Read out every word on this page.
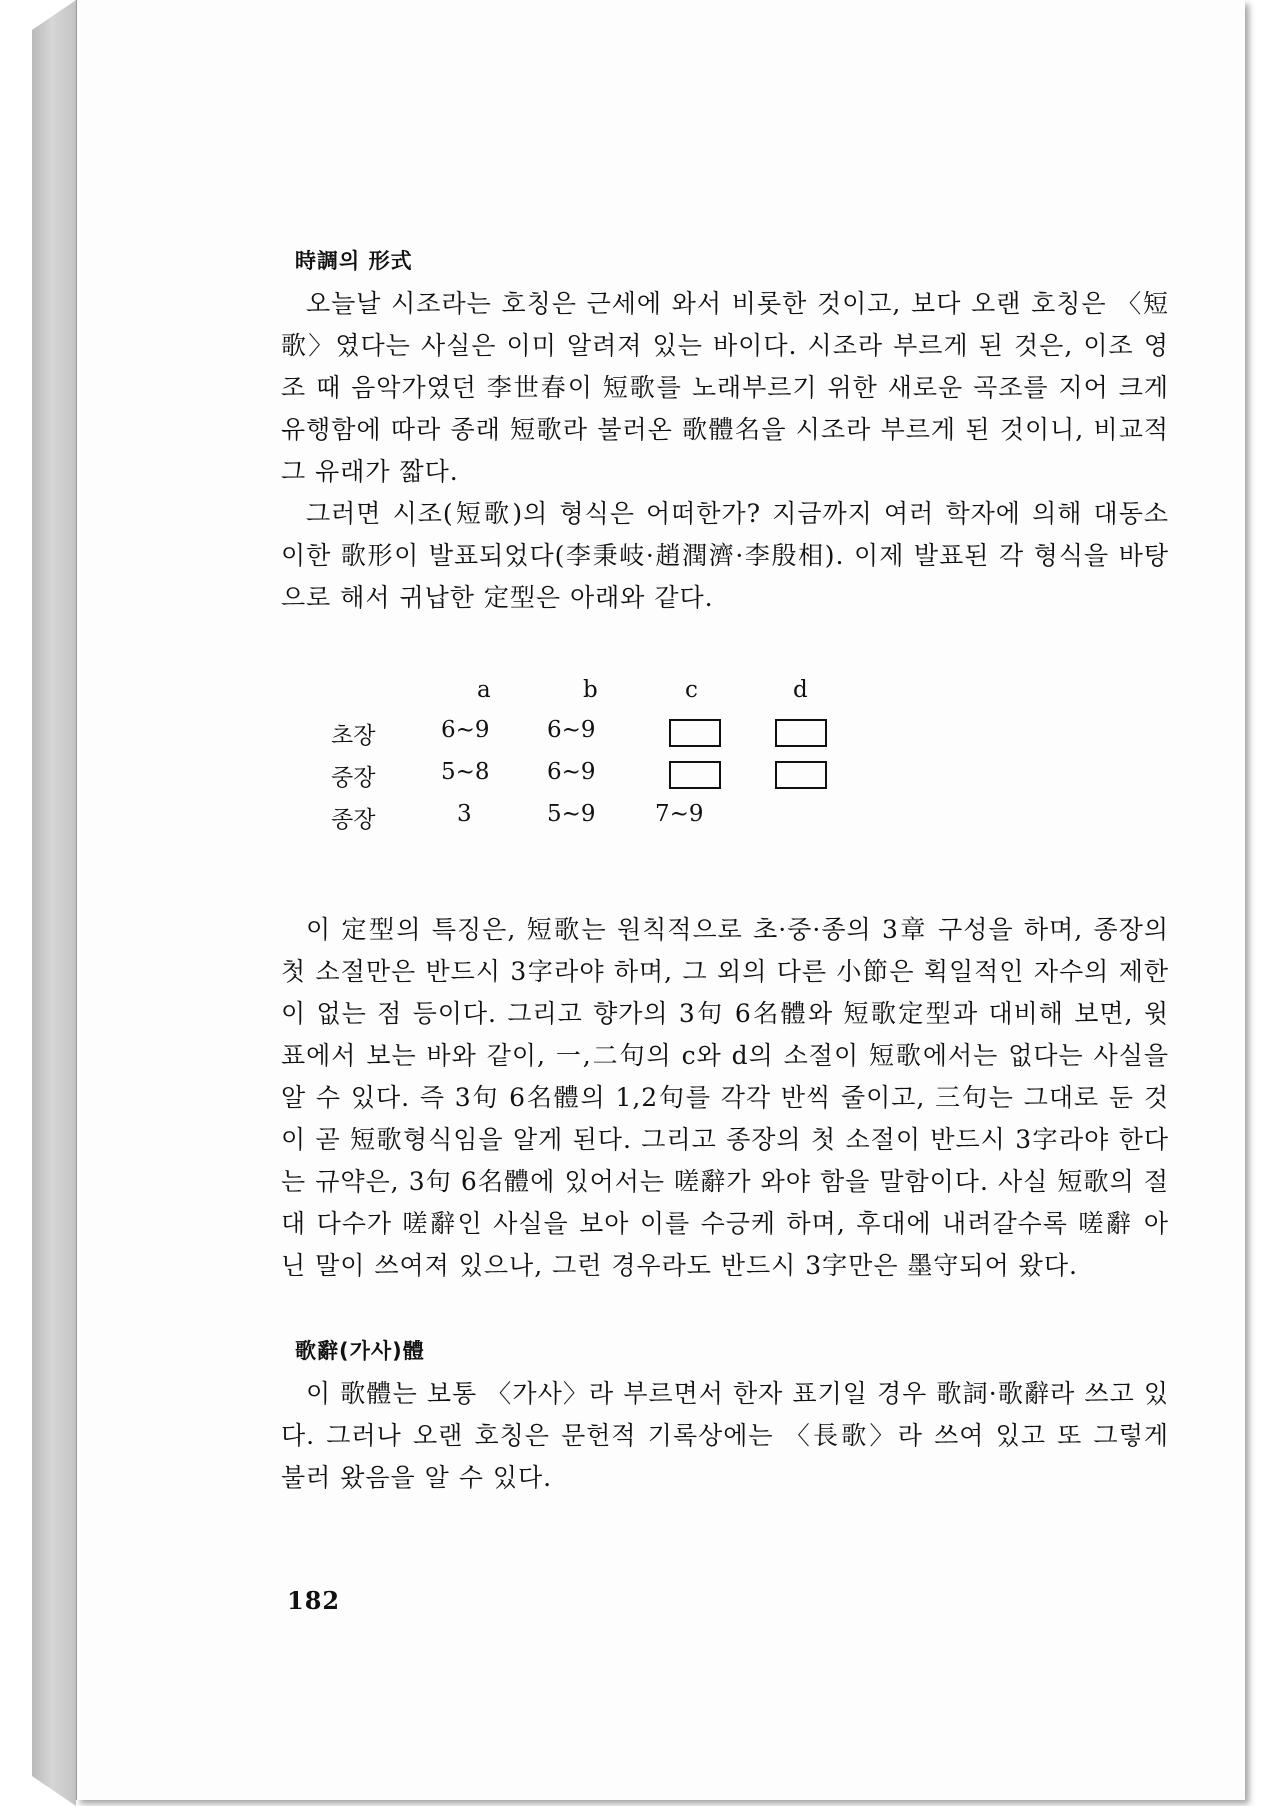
時調의 形式

오늘날 시조라는 호칭은 근세에 와서 비롯한 것이고, 보다 오랜 호칭은 〈短歌〉였다는 사실은 이미 알려져 있는 바이다. 시조라 부르게 된 것은, 이조 영조 때 음악가였던 李世春이 短歌를 노래부르기 위한 새로운 곡조를 지어 크게 유행함에 따라 종래 短歌라 불러온 歌體名을 시조라 부르게 된 것이니, 비교적 그 유래가 짧다.

그러면 시조(短歌)의 형식은 어떠한가? 지금까지 여러 학자에 의해 대동소이한 歌形이 발표되었다(李秉岐·趙潤濟·李殷相). 이제 발표된 각 형식을 바탕으로 해서 귀납한 定型은 아래와 같다.

a	b	c	d
초장	6∼9 6∼9
중장	5∼8 6∼9
종장	3	5∼9	7∼9

이 定型의 특징은, 短歌는 원칙적으로 초·중·종의 3章 구성을 하며, 종장의 첫 소절만은 반드시 3字라야 하며, 그 외의 다른 小節은 획일적인 자수의 제한이 없는 점 등이다. 그리고 향가의 3句 6名體와 短歌定型과 대비해 보면, 윗 표에서 보는 바와 같이, 一,二句의 c와 d의 소절이 短歌에서는 없다는 사실을 알 수 있다. 즉 3句 6名體의 1,2句를 각각 반씩 줄이고, 三句는 그대로 둔 것이 곧 短歌형식임을 알게 된다. 그리고 종장의 첫 소절이 반드시 3字라야 한다는 규약은, 3句 6名體에 있어서는 嗟辭가 와야 함을 말함이다. 사실 短歌의 절대 다수가 嗟辭인 사실을 보아 이를 수긍케 하며, 후대에 내려갈수록 嗟辭 아닌 말이 쓰여져 있으나, 그런 경우라도 반드시 3字만은 墨守되어 왔다.

歌辭(가사)體

이 歌體는 보통 〈가사〉라 부르면서 한자 표기일 경우 歌詞·歌辭라 쓰고 있다. 그러나 오랜 호칭은 문헌적 기록상에는 〈長歌〉라 쓰여 있고 또 그렇게 불러 왔음을 알 수 있다.

182
